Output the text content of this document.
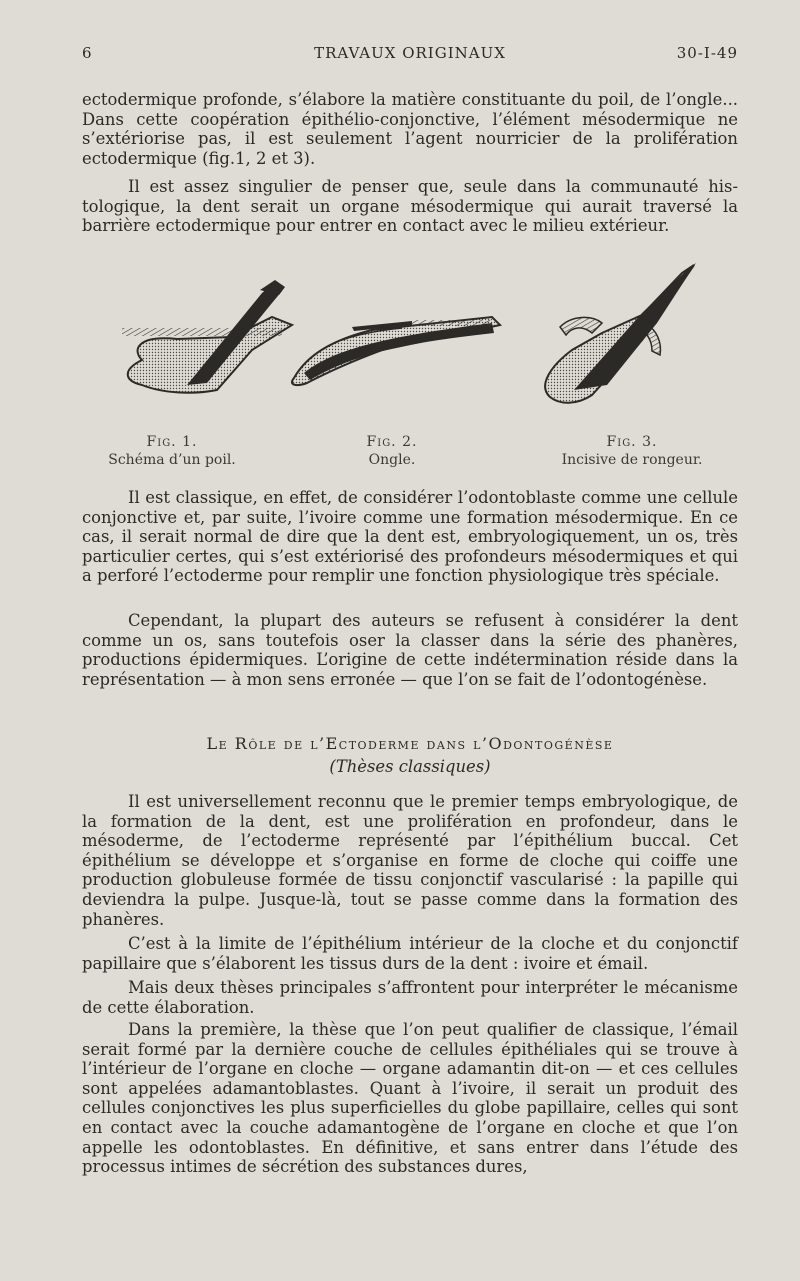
6	TRAVAUX ORIGINAUX	30-I-49

ectodermique profonde, s’élabore la matière constituante du poil, de l’ongle... Dans cette coopération épithélio-conjonctive, l’élément mésodermique ne s’extériorise pas, il est seulement l’agent nourricier de la prolifération ectodermique (fig.1, 2 et 3).

Il est assez singulier de penser que, seule dans la communauté histologique, la dent serait un organe mésodermique qui aurait traversé la barrière ectodermique pour entrer en contact avec le milieu extérieur.

Fig. 1.
Schéma d’un poil.
Fig. 2.
Ongle.
Fig. 3.
Incisive de rongeur.

Il est classique, en effet, de considérer l’odontoblaste comme une cellule conjonctive et, par suite, l’ivoire comme une formation mésodermique. En ce cas, il serait normal de dire que la dent est, embryologiquement, un os, très particulier certes, qui s’est extériorisé des profondeurs mésodermiques et qui a perforé l’ectoderme pour remplir une fonction physiologique très spéciale.

Cependant, la plupart des auteurs se refusent à considérer la dent comme un os, sans toutefois oser la classer dans la série des phanères, productions épidermiques. L’origine de cette indétermination réside dans la représentation — à mon sens erronée — que l’on se fait de l’odontogénèse.

Le Rôle de l’Ectoderme dans l’Odontogénèse
(Thèses classiques)

Il est universellement reconnu que le premier temps embryologique, de la formation de la dent, est une prolifération en profondeur, dans le mésoderme, de l’ectoderme représenté par l’épithélium buccal. Cet épithélium se développe et s’organise en forme de cloche qui coiffe une production globuleuse formée de tissu conjonctif vascularisé : la papille qui deviendra la pulpe. Jusque-là, tout se passe comme dans la formation des phanères.

C’est à la limite de l’épithélium intérieur de la cloche et du conjonctif papillaire que s’élaborent les tissus durs de la dent : ivoire et émail.

Mais deux thèses principales s’affrontent pour interpréter le mécanisme de cette élaboration.

Dans la première, la thèse que l’on peut qualifier de classique, l’émail serait formé par la dernière couche de cellules épithéliales qui se trouve à l’intérieur de l’organe en cloche — organe adamantin dit-on — et ces cellules sont appelées adamantoblastes. Quant à l’ivoire, il serait un produit des cellules conjonctives les plus superficielles du globe papillaire, celles qui sont en contact avec la couche adamantogène de l’organe en cloche et que l’on appelle les odontoblastes. En définitive, et sans entrer dans l’étude des processus intimes de sécrétion des substances dures,
